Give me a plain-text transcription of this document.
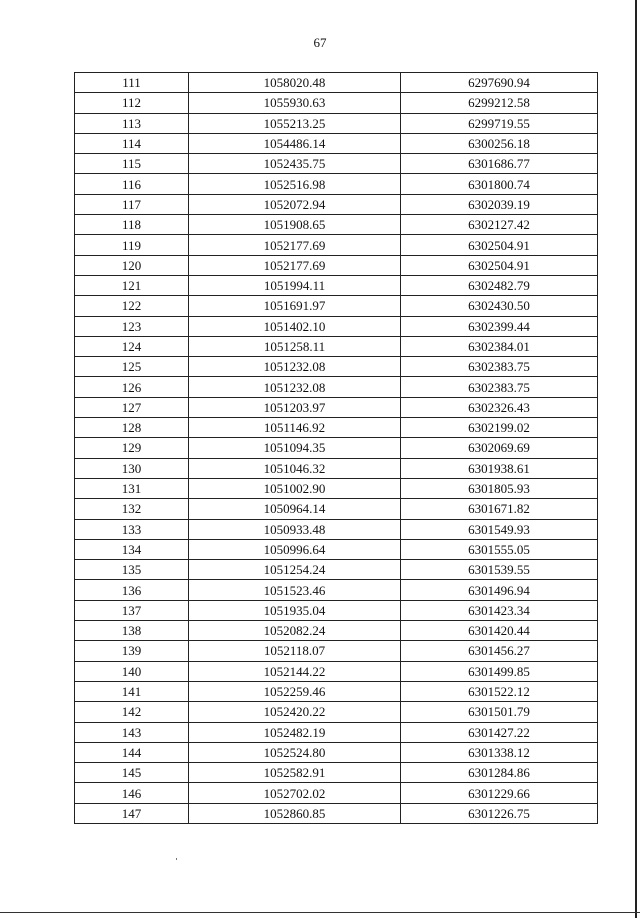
67
111	1058020.48	6297690.94
112	1055930.63	6299212.58
113	1055213.25	6299719.55
114	1054486.14	6300256.18
115	1052435.75	6301686.77
116	1052516.98	6301800.74
117	1052072.94	6302039.19
118	1051908.65	6302127.42
119	1052177.69	6302504.91
120	1052177.69	6302504.91
121	1051994.11	6302482.79
122	1051691.97	6302430.50
123	1051402.10	6302399.44
124	1051258.11	6302384.01
125	1051232.08	6302383.75
126	1051232.08	6302383.75
127	1051203.97	6302326.43
128	1051146.92	6302199.02
129	1051094.35	6302069.69
130	1051046.32	6301938.61
131	1051002.90	6301805.93
132	1050964.14	6301671.82
133	1050933.48	6301549.93
134	1050996.64	6301555.05
135	1051254.24	6301539.55
136	1051523.46	6301496.94
137	1051935.04	6301423.34
138	1052082.24	6301420.44
139	1052118.07	6301456.27
140	1052144.22	6301499.85
141	1052259.46	6301522.12
142	1052420.22	6301501.79
143	1052482.19	6301427.22
144	1052524.80	6301338.12
145	1052582.91	6301284.86
146	1052702.02	6301229.66
147	1052860.85	6301226.75
